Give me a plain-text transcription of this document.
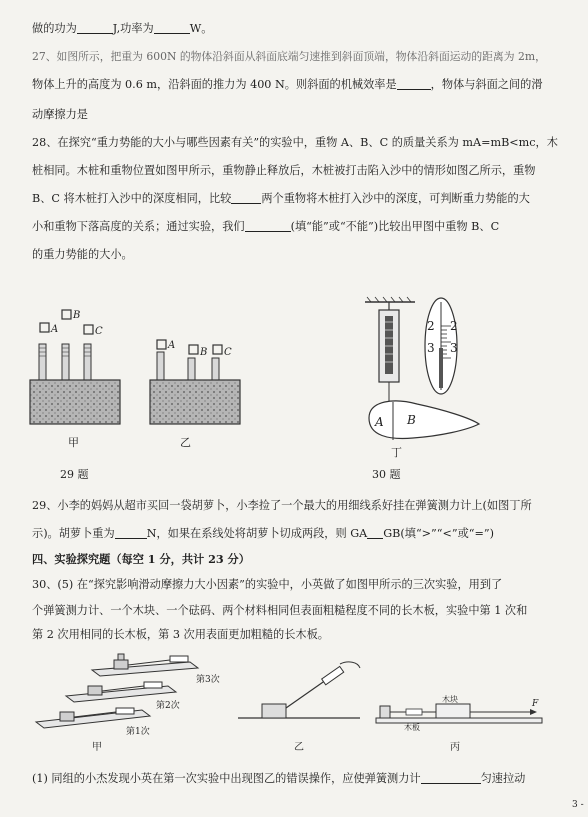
做的功为	J,功率为	W。
27、如图所示，把重为 600N 的物体沿斜面从斜面底端匀速推到斜面顶端，物体沿斜面运动的距离为 2m，
物体上升的高度为 0.6 m，沿斜面的推力为 400 N。则斜面的机械效率是	，物体与斜面之间的滑
动摩擦力是
28、在探究“重力势能的大小与哪些因素有关”的实验中，重物 A、B、C 的质量关系为 mA=mB<mc，木
桩相同。木桩和重物位置如图甲所示，重物静止释放后，木桩被打击陷入沙中的情形如图乙所示，重物
B、C 将木桩打入沙中的深度相同，比较	两个重物将木桩打入沙中的深度，可判断重力势能的大
小和重物下落高度的关系；通过实验，我们	(填“能”或“不能”)比较出甲图中重物 B、C
的重力势能的大小。
A
B
C
甲
A
B C
乙
29 题
2 2
3 3
A B
丁
30 题
29、小李的妈妈从超市买回一袋胡萝卜，小李捡了一个最大的用细线系好挂在弹簧测力计上(如图丁所
示)。胡萝卜重为	N，如果在系线处将胡萝卜切成两段，则 GA GB(填“>”“<”或“=”)
四、实验探究题（每空 1 分，共计 23 分）
30、(5) 在“探究影响滑动摩擦力大小因素”的实验中，小英做了如图甲所示的三次实验，用到了
个弹簧测力计、一个木块、一个砝码、两个材料相同但表面粗糙程度不同的长木板，实验中第 1 次和
第 2 次用相同的长木板，第 3 次用表面更加粗糙的长木板。
第3次
第2次
第1次
甲	乙
木板
木块	F
丙
(1) 同组的小杰发现小英在第一次实验中出现图乙的错误操作，应使弹簧测力计	匀速拉动
3 -
